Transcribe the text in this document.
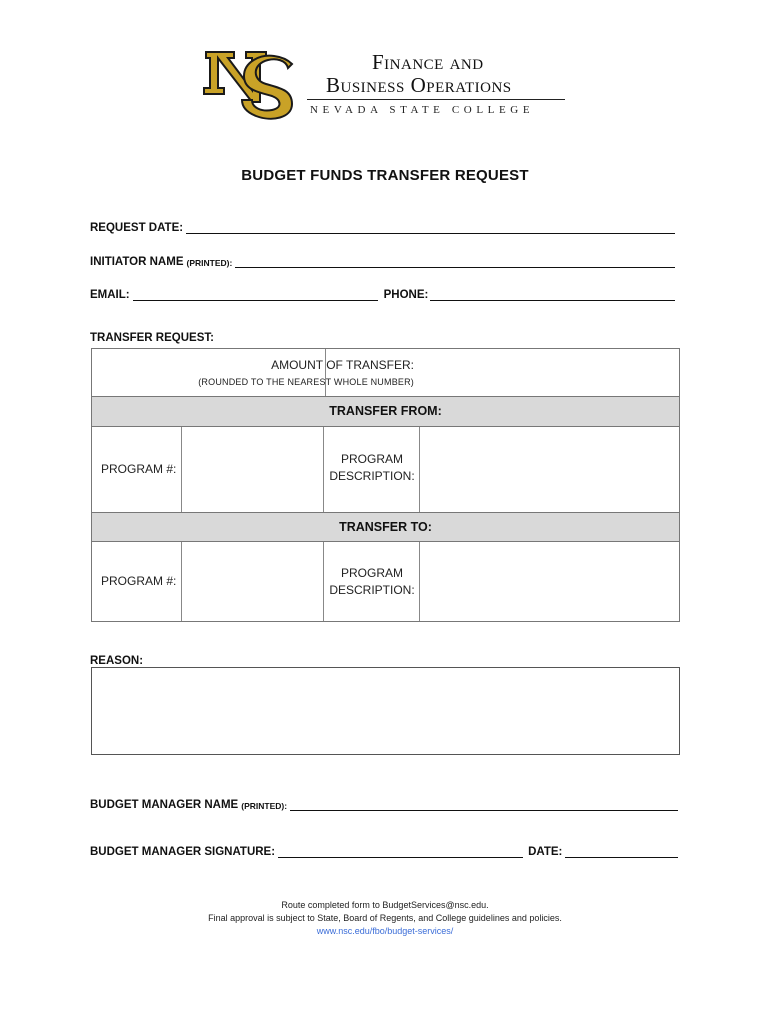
NS
Finance and
Business Operations
NEVADA STATE COLLEGE
BUDGET FUNDS TRANSFER REQUEST
REQUEST DATE:
INITIATOR NAME (PRINTED):
EMAIL:	PHONE:
TRANSFER REQUEST:
AMOUNT OF TRANSFER:
(ROUNDED TO THE NEAREST WHOLE NUMBER)
TRANSFER FROM:
PROGRAM #:
PROGRAM
DESCRIPTION:
TRANSFER TO:
PROGRAM #:
PROGRAM
DESCRIPTION:
REASON:
BUDGET MANAGER NAME (PRINTED):
BUDGET MANAGER SIGNATURE:	DATE:
Route completed form to BudgetServices@nsc.edu.
Final approval is subject to State, Board of Regents, and College guidelines and policies.
www.nsc.edu/fbo/budget-services/
